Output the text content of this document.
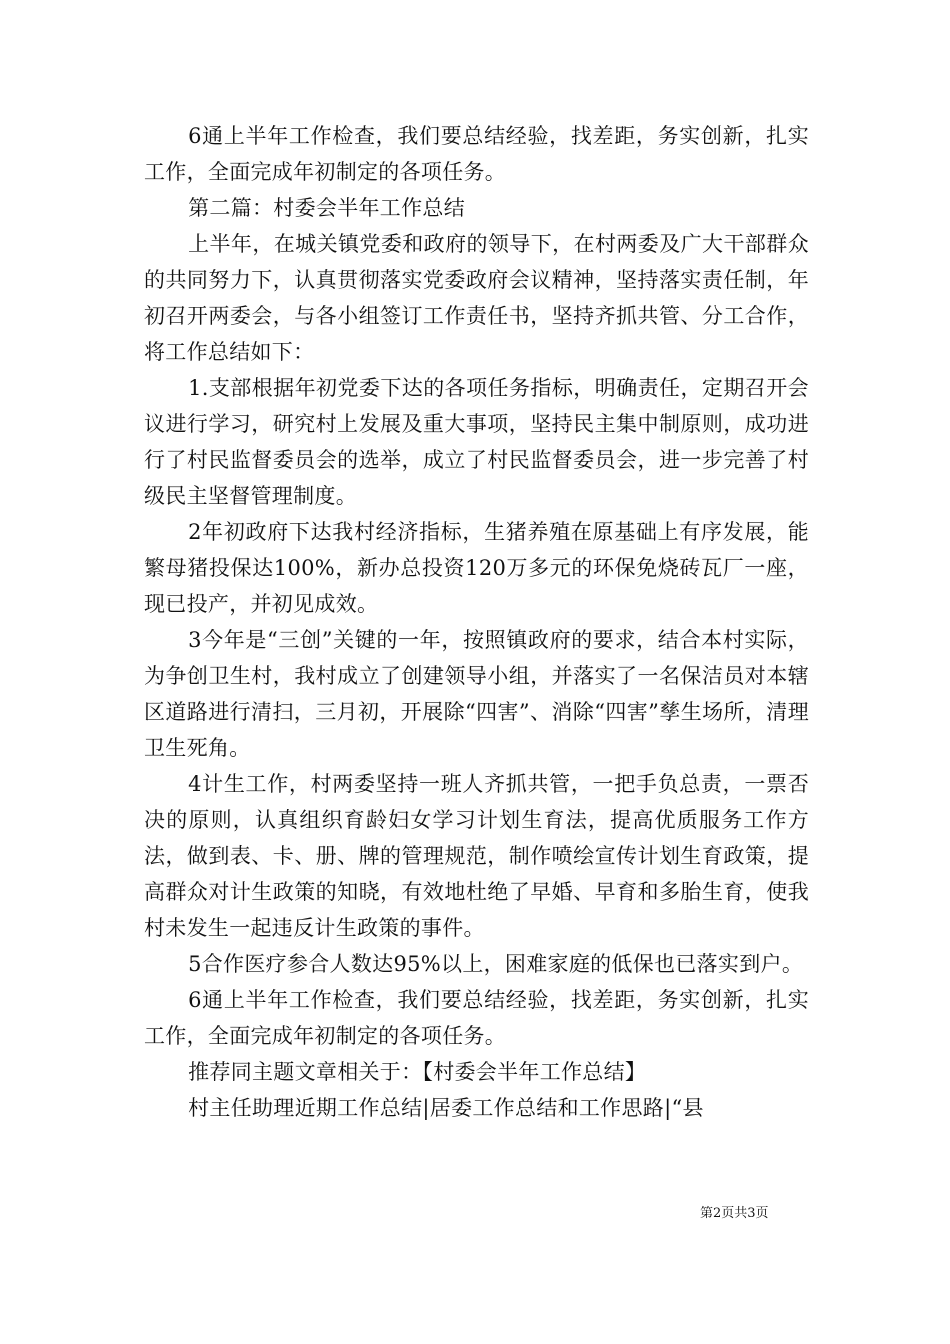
6通上半年工作检查，我们要总结经验，找差距，务实创新，扎实工作，全面完成年初制定的各项任务。

第二篇：村委会半年工作总结

上半年，在城关镇党委和政府的领导下，在村两委及广大干部群众的共同努力下，认真贯彻落实党委政府会议精神，坚持落实责任制，年初召开两委会，与各小组签订工作责任书，坚持齐抓共管、分工合作，将工作总结如下：

1.支部根据年初党委下达的各项任务指标，明确责任，定期召开会议进行学习，研究村上发展及重大事项，坚持民主集中制原则，成功进行了村民监督委员会的选举，成立了村民监督委员会，进一步完善了村级民主坚督管理制度。

2年初政府下达我村经济指标，生猪养殖在原基础上有序发展，能繁母猪投保达100%，新办总投资120万多元的环保免烧砖瓦厂一座，现已投产，并初见成效。

3今年是“三创”关键的一年，按照镇政府的要求，结合本村实际，为争创卫生村，我村成立了创建领导小组，并落实了一名保洁员对本辖区道路进行清扫，三月初，开展除“四害”、消除“四害”孳生场所，清理卫生死角。

4计生工作，村两委坚持一班人齐抓共管，一把手负总责，一票否决的原则，认真组织育龄妇女学习计划生育法，提高优质服务工作方法，做到表、卡、册、牌的管理规范，制作喷绘宣传计划生育政策，提高群众对计生政策的知晓，有效地杜绝了早婚、早育和多胎生育，使我村未发生一起违反计生政策的事件。

5合作医疗参合人数达95%以上，困难家庭的低保也已落实到户。

6通上半年工作检查，我们要总结经验，找差距，务实创新，扎实工作，全面完成年初制定的各项任务。

推荐同主题文章相关于：【村委会半年工作总结】

村主任助理近期工作总结|居委工作总结和工作思路|“县

第2页共3页
